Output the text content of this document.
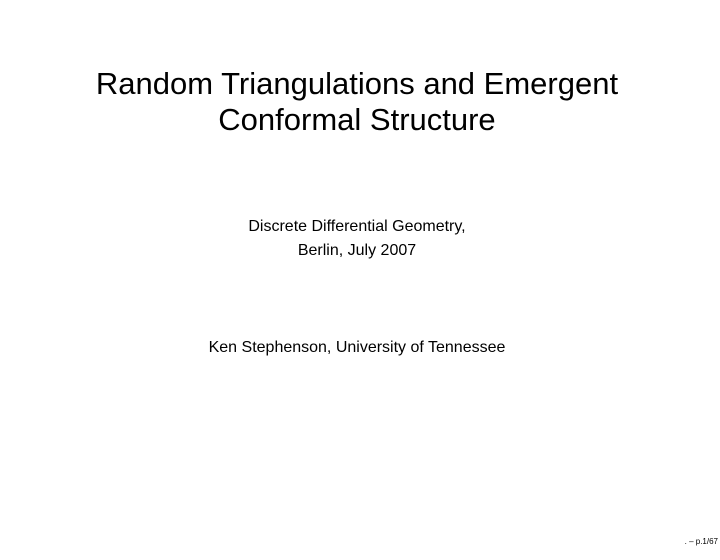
Random Triangulations and Emergent
Conformal Structure
Discrete Differential Geometry,
Berlin, July 2007
Ken Stephenson, University of Tennessee
. – p.1/67
